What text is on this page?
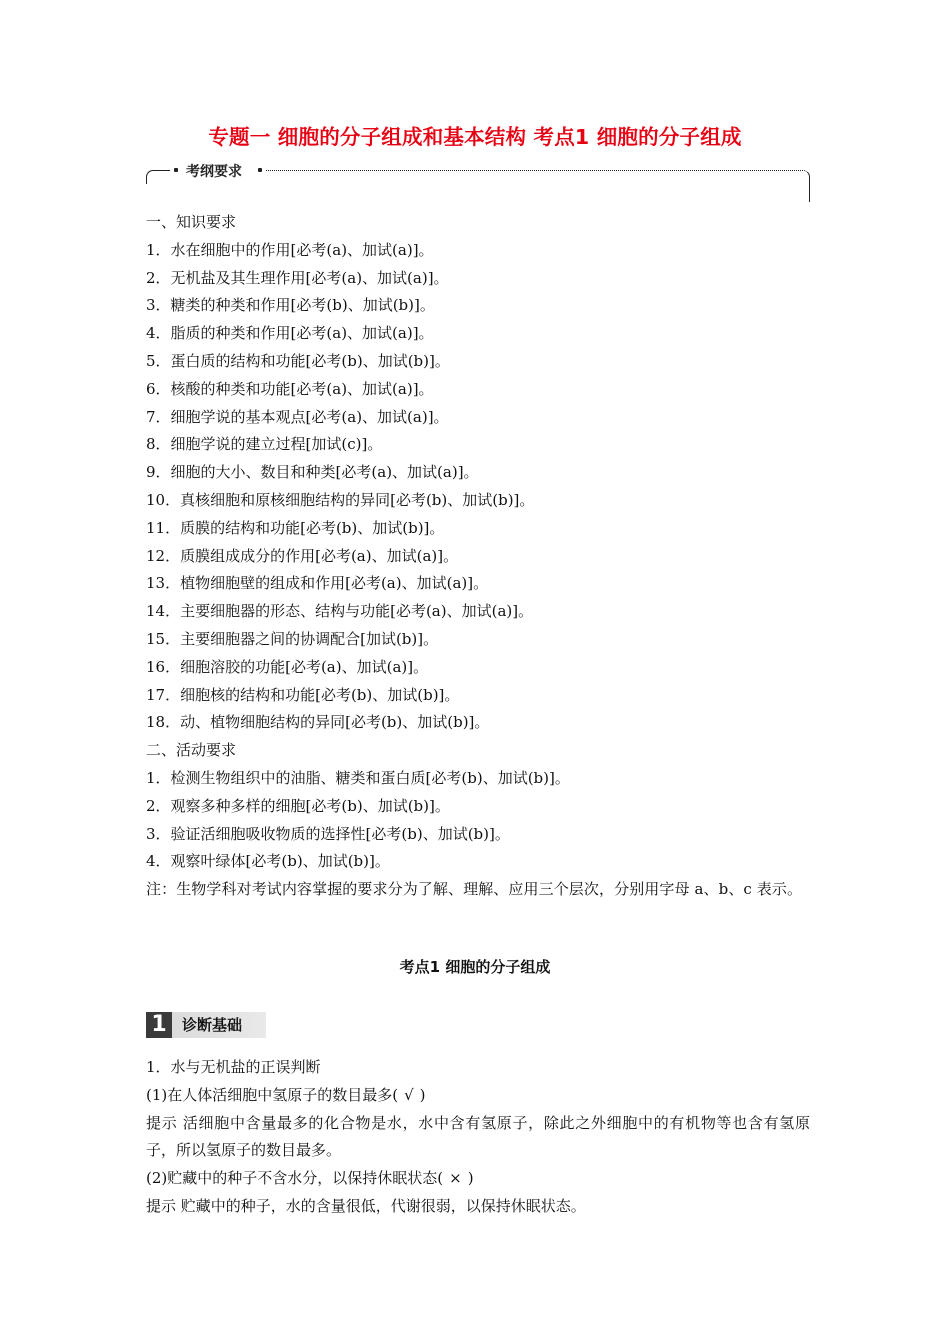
专题一 细胞的分子组成和基本结构 考点1 细胞的分子组成
考纲要求

一、知识要求

1．水在细胞中的作用[必考(a)、加试(a)]。

2．无机盐及其生理作用[必考(a)、加试(a)]。

3．糖类的种类和作用[必考(b)、加试(b)]。

4．脂质的种类和作用[必考(a)、加试(a)]。

5．蛋白质的结构和功能[必考(b)、加试(b)]。

6．核酸的种类和功能[必考(a)、加试(a)]。

7．细胞学说的基本观点[必考(a)、加试(a)]。

8．细胞学说的建立过程[加试(c)]。

9．细胞的大小、数目和种类[必考(a)、加试(a)]。

10．真核细胞和原核细胞结构的异同[必考(b)、加试(b)]。

11．质膜的结构和功能[必考(b)、加试(b)]。

12．质膜组成成分的作用[必考(a)、加试(a)]。

13．植物细胞壁的组成和作用[必考(a)、加试(a)]。

14．主要细胞器的形态、结构与功能[必考(a)、加试(a)]。

15．主要细胞器之间的协调配合[加试(b)]。

16．细胞溶胶的功能[必考(a)、加试(a)]。

17．细胞核的结构和功能[必考(b)、加试(b)]。

18．动、植物细胞结构的异同[必考(b)、加试(b)]。

二、活动要求

1．检测生物组织中的油脂、糖类和蛋白质[必考(b)、加试(b)]。

2．观察多种多样的细胞[必考(b)、加试(b)]。

3．验证活细胞吸收物质的选择性[必考(b)、加试(b)]。

4．观察叶绿体[必考(b)、加试(b)]。

注：生物学科对考试内容掌握的要求分为了解、理解、应用三个层次，分别用字母 a、b、c 表示。

考点1 细胞的分子组成
1	诊断基础

1．水与无机盐的正误判断

(1)在人体活细胞中氢原子的数目最多( √ )

提示 活细胞中含量最多的化合物是水，水中含有氢原子，除此之外细胞中的有机物等也含有氢原子，所以氢原子的数目最多。

(2)贮藏中的种子不含水分，以保持休眠状态( × )

提示 贮藏中的种子，水的含量很低，代谢很弱，以保持休眠状态。
